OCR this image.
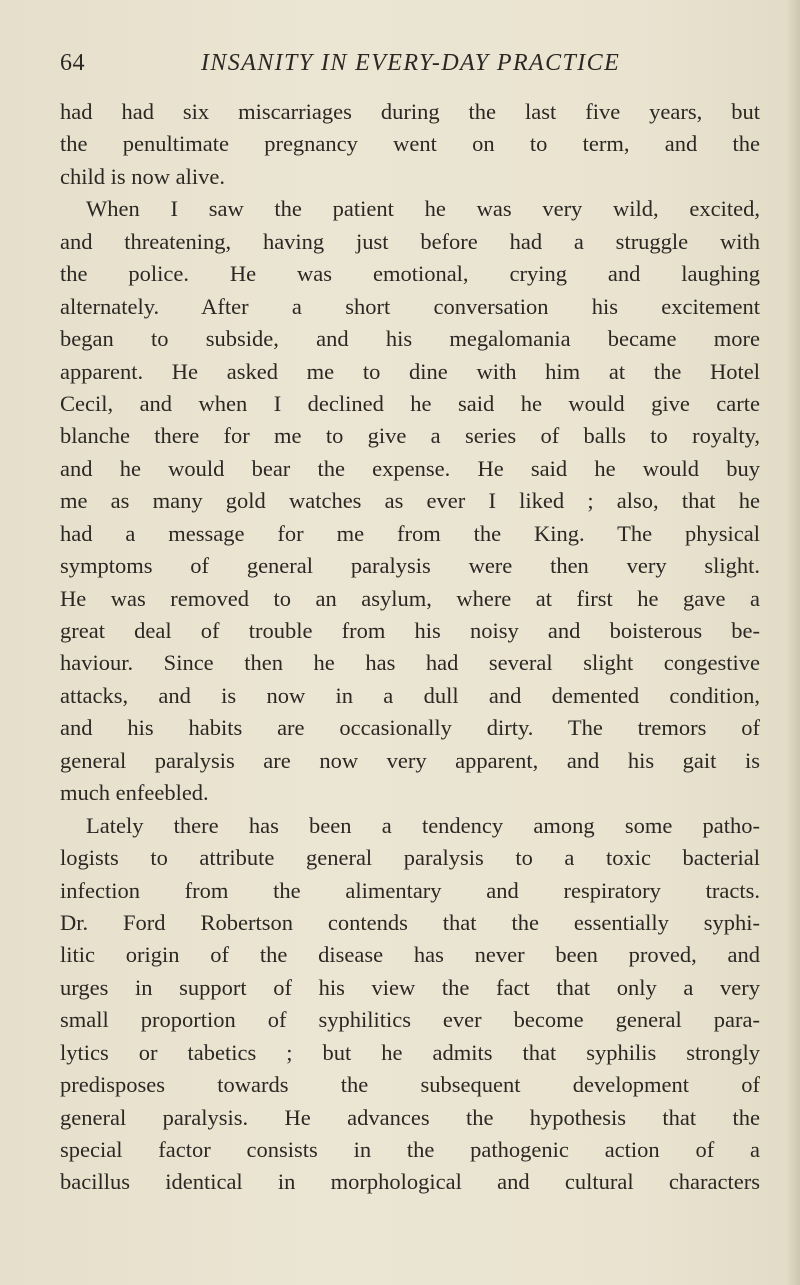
64	INSANITY IN EVERY-DAY PRACTICE
had had six miscarriages during the last five years, but
the penultimate pregnancy went on to term, and the
child is now alive.
When I saw the patient he was very wild, excited,
and threatening, having just before had a struggle with
the police. He was emotional, crying and laughing
alternately. After a short conversation his excitement
began to subside, and his megalomania became more
apparent. He asked me to dine with him at the Hotel
Cecil, and when I declined he said he would give carte
blanche there for me to give a series of balls to royalty,
and he would bear the expense. He said he would buy
me as many gold watches as ever I liked ; also, that he
had a message for me from the King. The physical
symptoms of general paralysis were then very slight.
He was removed to an asylum, where at first he gave a
great deal of trouble from his noisy and boisterous be-
haviour. Since then he has had several slight congestive
attacks, and is now in a dull and demented condition,
and his habits are occasionally dirty. The tremors of
general paralysis are now very apparent, and his gait is
much enfeebled.
Lately there has been a tendency among some patho-
logists to attribute general paralysis to a toxic bacterial
infection from the alimentary and respiratory tracts.
Dr. Ford Robertson contends that the essentially syphi-
litic origin of the disease has never been proved, and
urges in support of his view the fact that only a very
small proportion of syphilitics ever become general para-
lytics or tabetics ; but he admits that syphilis strongly
predisposes towards the subsequent development of
general paralysis. He advances the hypothesis that the
special factor consists in the pathogenic action of a
bacillus identical in morphological and cultural characters
